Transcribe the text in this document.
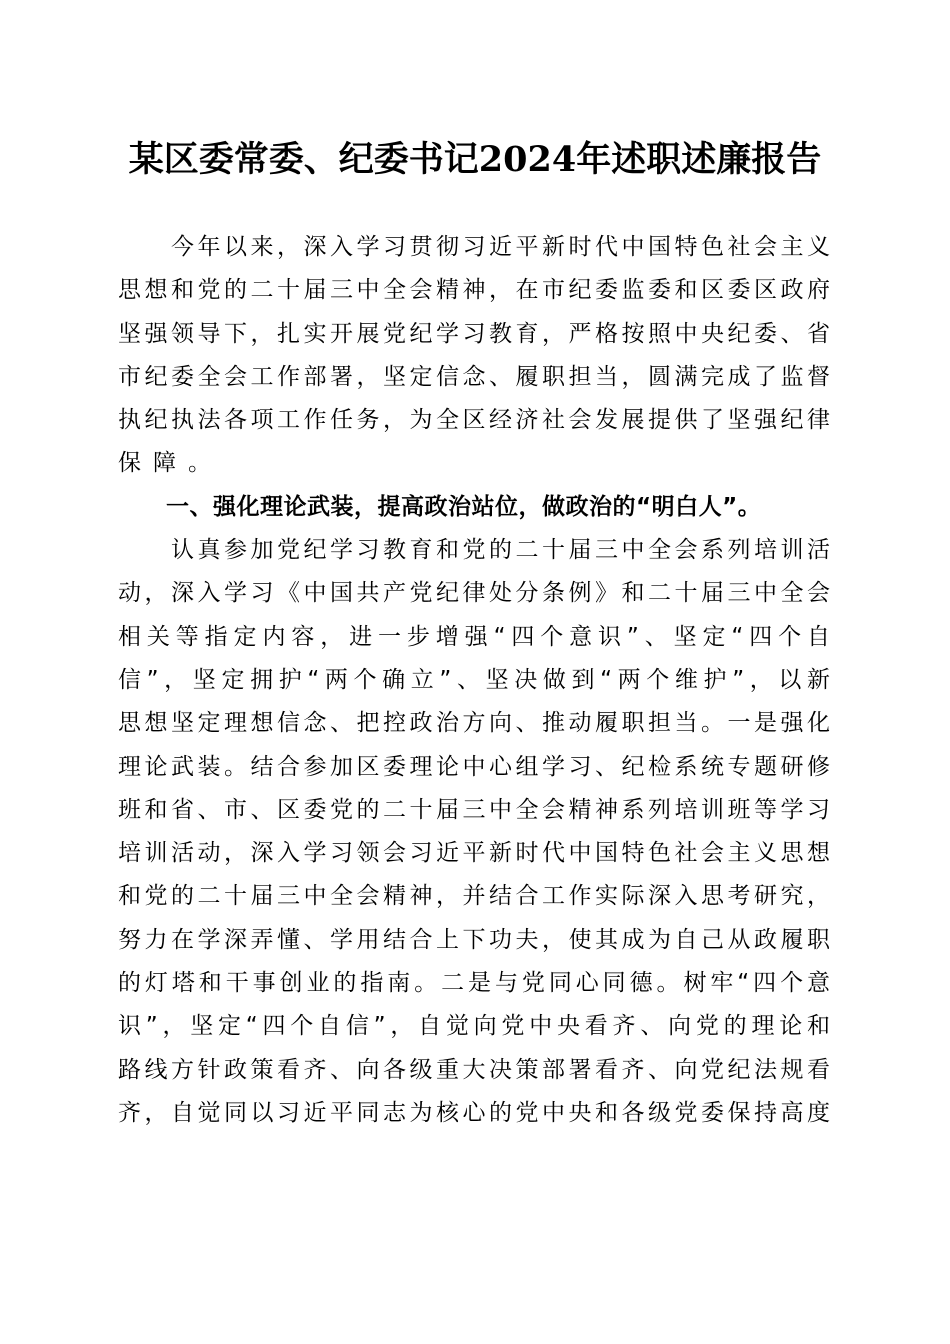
某区委常委、纪委书记2024年述职述廉报告
　　今年以来，深入学习贯彻习近平新时代中国特色社会主义
思想和党的二十届三中全会精神，在市纪委监委和区委区政府
坚强领导下，扎实开展党纪学习教育，严格按照中央纪委、省
市纪委全会工作部署，坚定信念、履职担当，圆满完成了监督
执纪执法各项工作任务，为全区经济社会发展提供了坚强纪律
保障。
一、强化理论武装，提高政治站位，做政治的“明白人”。
　　认真参加党纪学习教育和党的二十届三中全会系列培训活
动，深入学习《中国共产党纪律处分条例》和二十届三中全会
相关等指定内容，进一步增强“四个意识”、坚定“四个自
信”，坚定拥护“两个确立”、坚决做到“两个维护”，以新
思想坚定理想信念、把控政治方向、推动履职担当。一是强化
理论武装。结合参加区委理论中心组学习、纪检系统专题研修
班和省、市、区委党的二十届三中全会精神系列培训班等学习
培训活动，深入学习领会习近平新时代中国特色社会主义思想
和党的二十届三中全会精神，并结合工作实际深入思考研究，
努力在学深弄懂、学用结合上下功夫，使其成为自己从政履职
的灯塔和干事创业的指南。二是与党同心同德。树牢“四个意
识”，坚定“四个自信”，自觉向党中央看齐、向党的理论和
路线方针政策看齐、向各级重大决策部署看齐、向党纪法规看
齐，自觉同以习近平同志为核心的党中央和各级党委保持高度
